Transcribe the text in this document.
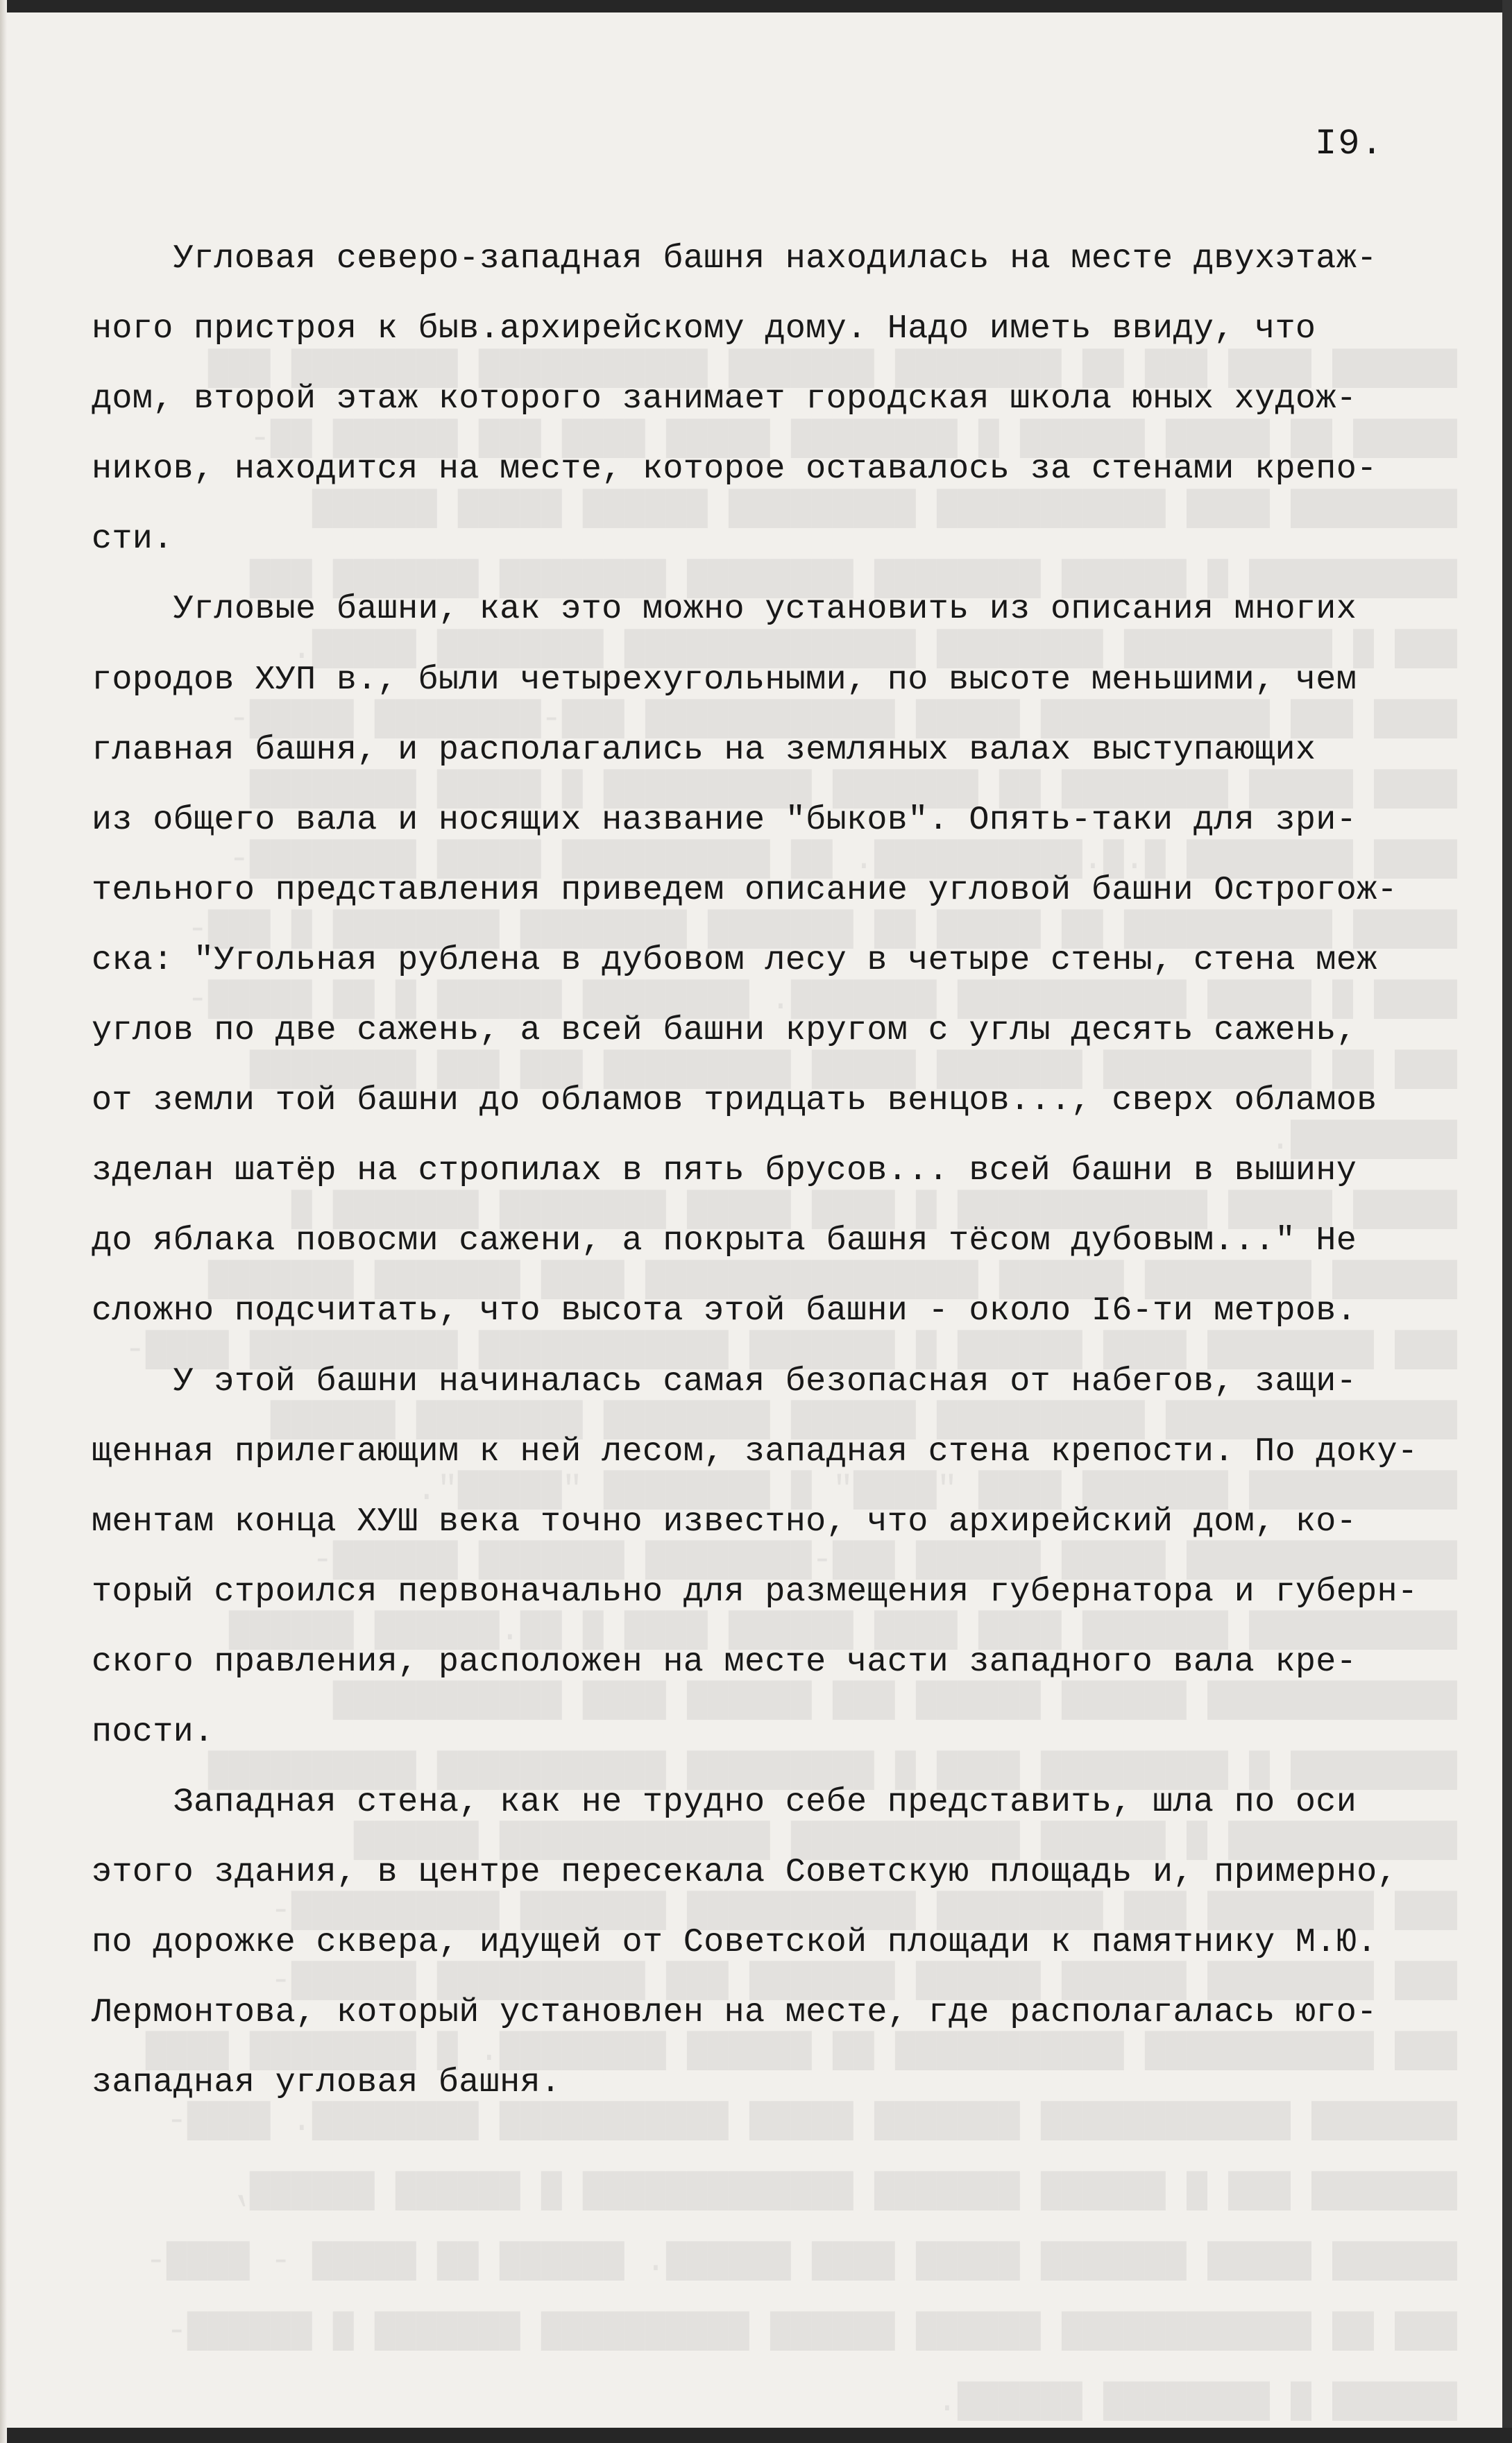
██████ ████ ███ ██ ████████ ███████ ███████████ ████████ ███
█████ ██ █████ ██████ █ ████████ █████ ████ ███ ██████ ██-
████████ ████ ███████████ █████████ ██████ █████ ██████
██████████ █ ██████ ████████ ████████ ████████ ███████ ███
███ █ ██████████ ████████ ██████████████ ████████ █████.
████ ███ ███████████ █████ ████████████ ███-████████ █████-
████ █████ ████████ ██ ███████ ██████████ █ █████ ████████
████ ████████ █.█.██████████. ██ ██████████ █████ ████████-
█████ ██████████ ██ █████ ██ ███████ ████████ ████████ █ ███-
████ █ █████ ███████████ ███████. ████████ ██████ █ ██ █████-
███ ██ ██████████ ███████ █████ █████████ ███ ███ ████████
████████.
█████ █████ ████████████ █ ████ █████ ████████ ███████ █
██████ ████████ ██████ ████████████████ ████ ███████ ███████
███ ████████ ████ ██████ █ ███████ ████████████ ██████████ ████-
██████████████ ██████████ ██████ ████████ ████████ ██████
██████████ ███████ ████ "████" █ ████████ "█████".
█████████████ █████ ██████ ███-████████ ███████ ██████-
██████████ ███████ ████ ████ ██████ ████ █ ██.██████ ██████
████████████ ██████ ██████ ███ ██████ ████ ███████████
████████ █ █████████ ████ █ █████████ ███████████ ██████████
███████████ █ ██████ ███████████ █████████████ ██████
███ ████████ ███ ████████ ███████████ ███████ ██████████-
███ ████████ ██████ ██████ ███████ ███ ██████████ ██████-
███ ███████████ ███████████ ██ ██████ ████████. █ ████████ ████
███████ ████████████ ███████ █████ ███████████ ████████. ████-
███████ ███ █ ██████ ███████ █████████████ █ ██████ ██████,
██████ █████ ███████ █████ ████ ██████. ██████ ██ █████ - ████-
███ ██ ████████████ ██████ ██████ ██████████ ███████ █ ██████-
██████ █ ████████ ██████.

I9.
Угловая северо-западная башня находилась на месте двухэтаж-
ного пристроя к быв.архирейскому дому. Надо иметь ввиду, что
дом, второй этаж которого занимает городская школа юных худож-
ников, находится на месте, которое оставалось за стенами крепо-
сти.
Угловые башни, как это можно установить из описания многих
городов ХУП в., были четырехугольными, по высоте меньшими, чем
главная башня, и располагались на земляных валах выступающих
из общего вала и носящих название "быков". Опять-таки для зри-
тельного представления приведем описание угловой башни Острогож-
ска: "Угольная рублена в дубовом лесу в четыре стены, стена меж
углов по две сажень, а всей башни кругом с углы десять сажень,
от земли той башни до обламов тридцать венцов..., сверх обламов
зделан шатёр на стропилах в пять брусов... всей башни в вышину
до яблака повосми сажени, а покрыта башня тёсом дубовым..." Не
сложно подсчитать, что высота этой башни - около I6-ти метров.
У этой башни начиналась самая безопасная от набегов, защи-
щенная прилегающим к ней лесом, западная стена крепости. По доку-
ментам конца ХУШ века точно известно, что архирейский дом, ко-
торый строился первоначально для размещения губернатора и губерн-
ского правления, расположен на месте части западного вала кре-
пости.
Западная стена, как не трудно себе представить, шла по оси
этого здания, в центре пересекала Советскую площадь и, примерно,
по дорожке сквера, идущей от Советской площади к памятнику М.Ю.
Лермонтова, который установлен на месте, где располагалась юго-
западная угловая башня.
